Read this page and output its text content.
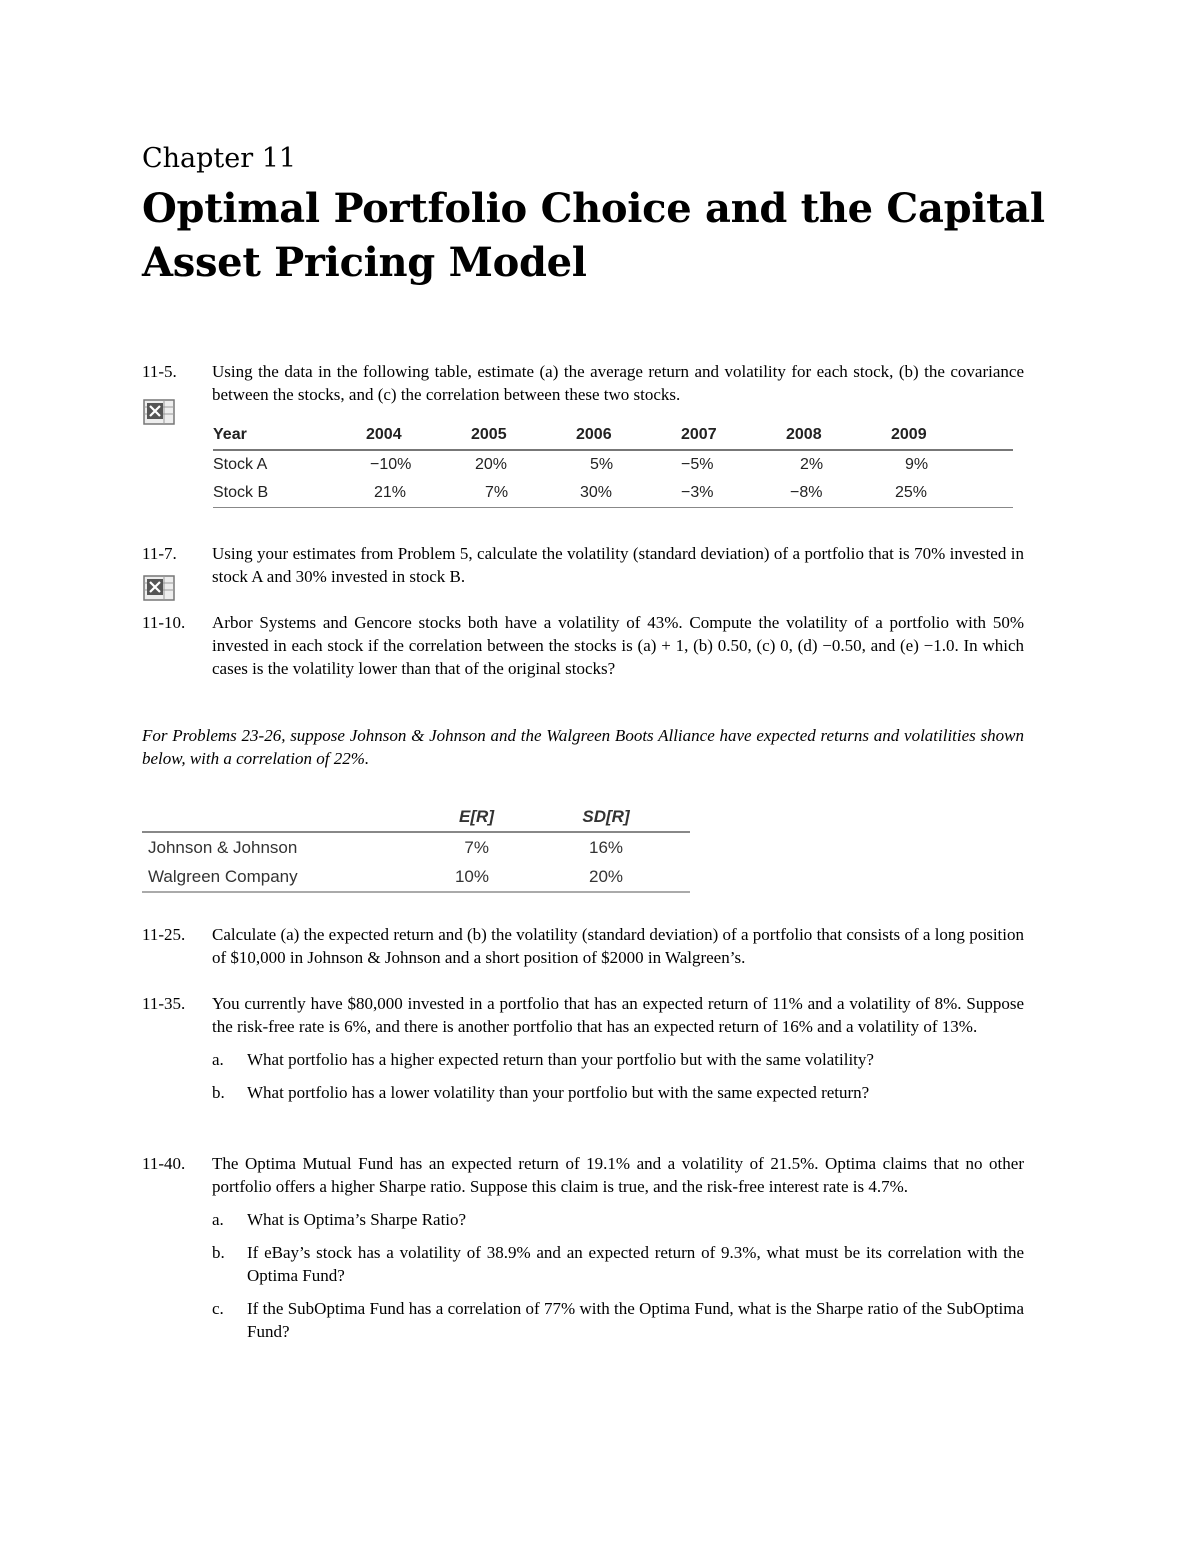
Chapter 11
Optimal Portfolio Choice and the Capital Asset Pricing Model
11-5.	Using the data in the following table, estimate (a) the average return and volatility for each stock, (b) the covariance between the stocks, and (c) the correlation between these two stocks.
Year	2004	2005	2006	2007	2008	2009
Stock A	−10%	20%	5%	−5%	2%	9%
Stock B	21%	7%	30%	−3%	−8%	25%
11-7.	Using your estimates from Problem 5, calculate the volatility (standard deviation) of a portfolio that is 70% invested in stock A and 30% invested in stock B.
11-10.	Arbor Systems and Gencore stocks both have a volatility of 43%. Compute the volatility of a portfolio with 50% invested in each stock if the correlation between the stocks is (a) + 1, (b) 0.50, (c) 0, (d) −0.50, and (e) −1.0. In which cases is the volatility lower than that of the original stocks?
For Problems 23-26, suppose Johnson & Johnson and the Walgreen Boots Alliance have expected returns and volatilities shown below, with a correlation of 22%.
	E[R]	SD[R]
Johnson & Johnson	7%	16%
Walgreen Company	10%	20%
11-25.	Calculate (a) the expected return and (b) the volatility (standard deviation) of a portfolio that consists of a long position of $10,000 in Johnson & Johnson and a short position of $2000 in Walgreen’s.
11-35.	You currently have $80,000 invested in a portfolio that has an expected return of 11% and a volatility of 8%. Suppose the risk-free rate is 6%, and there is another portfolio that has an expected return of 16% and a volatility of 13%.
a. What portfolio has a higher expected return than your portfolio but with the same volatility?
b. What portfolio has a lower volatility than your portfolio but with the same expected return?
11-40.	The Optima Mutual Fund has an expected return of 19.1% and a volatility of 21.5%. Optima claims that no other portfolio offers a higher Sharpe ratio. Suppose this claim is true, and the risk-free interest rate is 4.7%.
a. What is Optima’s Sharpe Ratio?
b. If eBay’s stock has a volatility of 38.9% and an expected return of 9.3%, what must be its correlation with the Optima Fund?
c. If the SubOptima Fund has a correlation of 77% with the Optima Fund, what is the Sharpe ratio of the SubOptima Fund?
